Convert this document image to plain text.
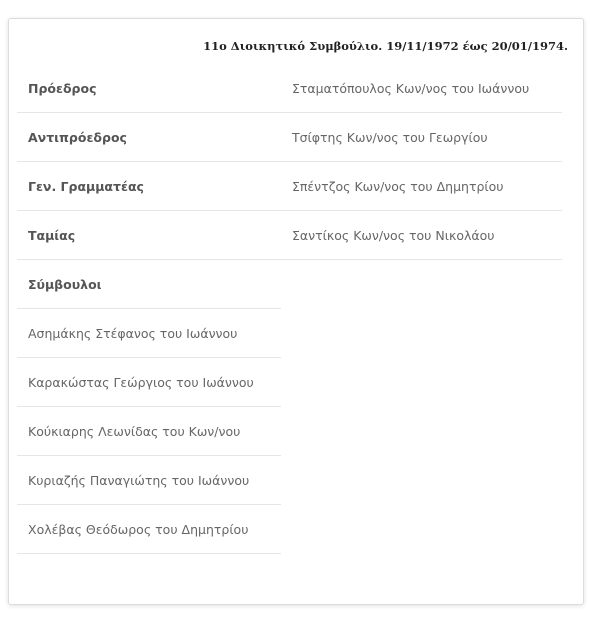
11ο Διοικητικό Συμβούλιο. 19/11/1972 έως 20/01/1974.
Πρόεδρος	Σταματόπουλος Κων/νος του Ιωάννου
Αντιπρόεδρος	Τσίφτης Κων/νος του Γεωργίου
Γεν. Γραμματέας	Σπέντζος Κων/νος του Δημητρίου
Ταμίας	Σαντίκος Κων/νος του Νικολάου
Σύμβουλοι
Ασημάκης Στέφανος του Ιωάννου
Καρακώστας Γεώργιος του Ιωάννου
Κούκιαρης Λεωνίδας του Κων/νου
Κυριαζής Παναγιώτης του Ιωάννου
Χολέβας Θεόδωρος του Δημητρίου
